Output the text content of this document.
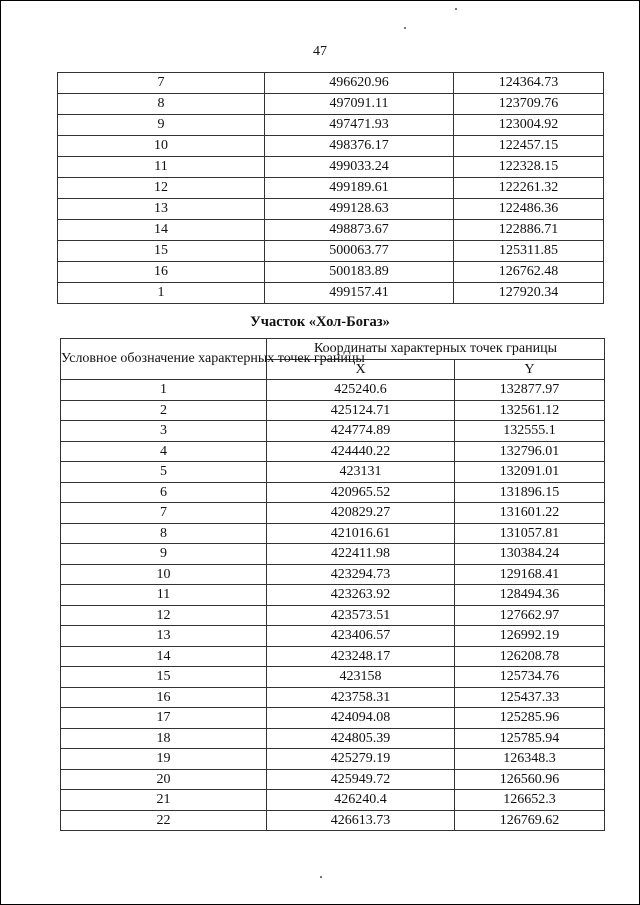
47
7	496620.96	124364.73
8	497091.11	123709.76
9	497471.93	123004.92
10	498376.17	122457.15
11	499033.24	122328.15
12	499189.61	122261.32
13	499128.63	122486.36
14	498873.67	122886.71
15	500063.77	125311.85
16	500183.89	126762.48
1	499157.41	127920.34
Участок «Хол-Богаз»
Условное обозначение характерных точек границы	Координаты характерных точек границы	
	X	Y
1	425240.6	132877.97
2	425124.71	132561.12
3	424774.89	132555.1
4	424440.22	132796.01
5	423131	132091.01
6	420965.52	131896.15
7	420829.27	131601.22
8	421016.61	131057.81
9	422411.98	130384.24
10	423294.73	129168.41
11	423263.92	128494.36
12	423573.51	127662.97
13	423406.57	126992.19
14	423248.17	126208.78
15	423158	125734.76
16	423758.31	125437.33
17	424094.08	125285.96
18	424805.39	125785.94
19	425279.19	126348.3
20	425949.72	126560.96
21	426240.4	126652.3
22	426613.73	126769.62
